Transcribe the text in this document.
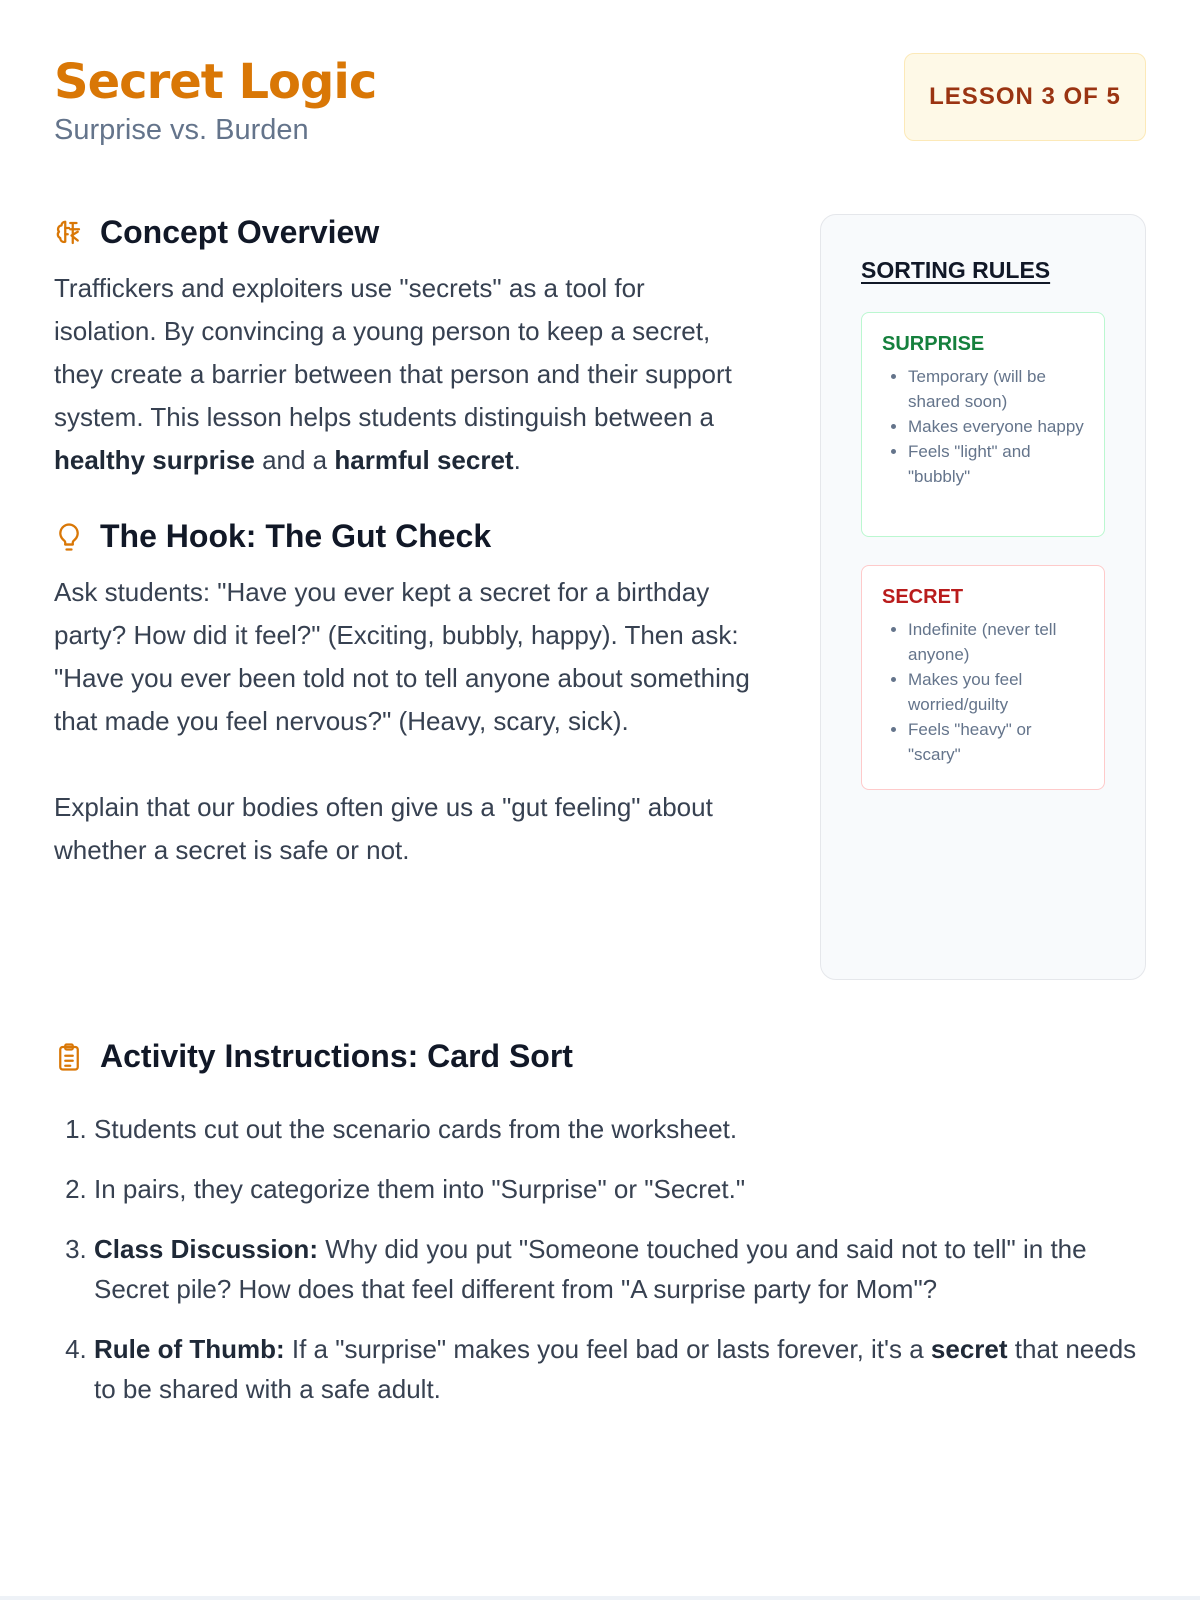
Secret Logic
Surprise vs. Burden
LESSON 3 OF 5
Concept Overview

Traffickers and exploiters use "secrets" as a tool for isolation. By convincing a young person to keep a secret, they create a barrier between that person and their support system. This lesson helps students distinguish between a healthy surprise and a harmful secret.

The Hook: The Gut Check

Ask students: "Have you ever kept a secret for a birthday party? How did it feel?" (Exciting, bubbly, happy). Then ask: "Have you ever been told not to tell anyone about something that made you feel nervous?" (Heavy, scary, sick).

Explain that our bodies often give us a "gut feeling" about whether a secret is safe or not.

SORTING RULES
SURPRISE
• Temporary (will be shared soon)
• Makes everyone happy
• Feels "light" and "bubbly"
SECRET
• Indefinite (never tell anyone)
• Makes you feel worried/guilty
• Feels "heavy" or "scary"
Activity Instructions: Card Sort
1. Students cut out the scenario cards from the worksheet.
2. In pairs, they categorize them into "Surprise" or "Secret."
3. Class Discussion: Why did you put "Someone touched you and said not to tell" in the Secret pile? How does that feel different from "A surprise party for Mom"?
4. Rule of Thumb: If a "surprise" makes you feel bad or lasts forever, it's a secret that needs to be shared with a safe adult.
